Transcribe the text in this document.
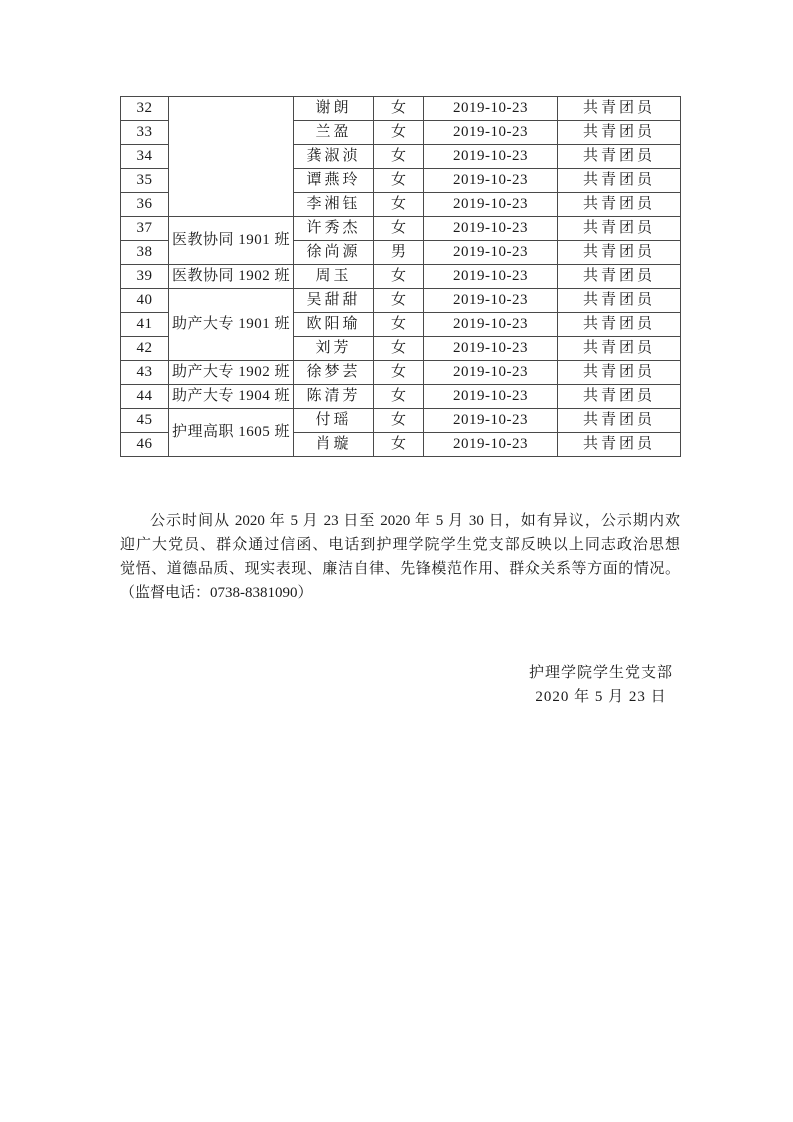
32		谢朗	女	2019-10-23	共青团员
33		兰盈	女	2019-10-23	共青团员
34		龚淑浈	女	2019-10-23	共青团员
35		谭燕玲	女	2019-10-23	共青团员
36		李湘钰	女	2019-10-23	共青团员
37	医教协同 1901 班	许秀杰	女	2019-10-23	共青团员
38		徐尚源	男	2019-10-23	共青团员
39	医教协同 1902 班	周玉	女	2019-10-23	共青团员
40	助产大专 1901 班	吴甜甜	女	2019-10-23	共青团员
41		欧阳瑜	女	2019-10-23	共青团员
42		刘芳	女	2019-10-23	共青团员
43	助产大专 1902 班	徐梦芸	女	2019-10-23	共青团员
44	助产大专 1904 班	陈清芳	女	2019-10-23	共青团员
45	护理高职 1605 班	付瑶	女	2019-10-23	共青团员
46		肖璇	女	2019-10-23	共青团员
公示时间从 2020 年 5 月 23 日至 2020 年 5 月 30 日，如有异议，公示期内欢
迎广大党员、群众通过信函、电话到护理学院学生党支部反映以上同志政治思想
觉悟、道德品质、现实表现、廉洁自律、先锋模范作用、群众关系等方面的情况。
（监督电话：0738-8381090）
护理学院学生党支部
2020 年 5 月 23 日
